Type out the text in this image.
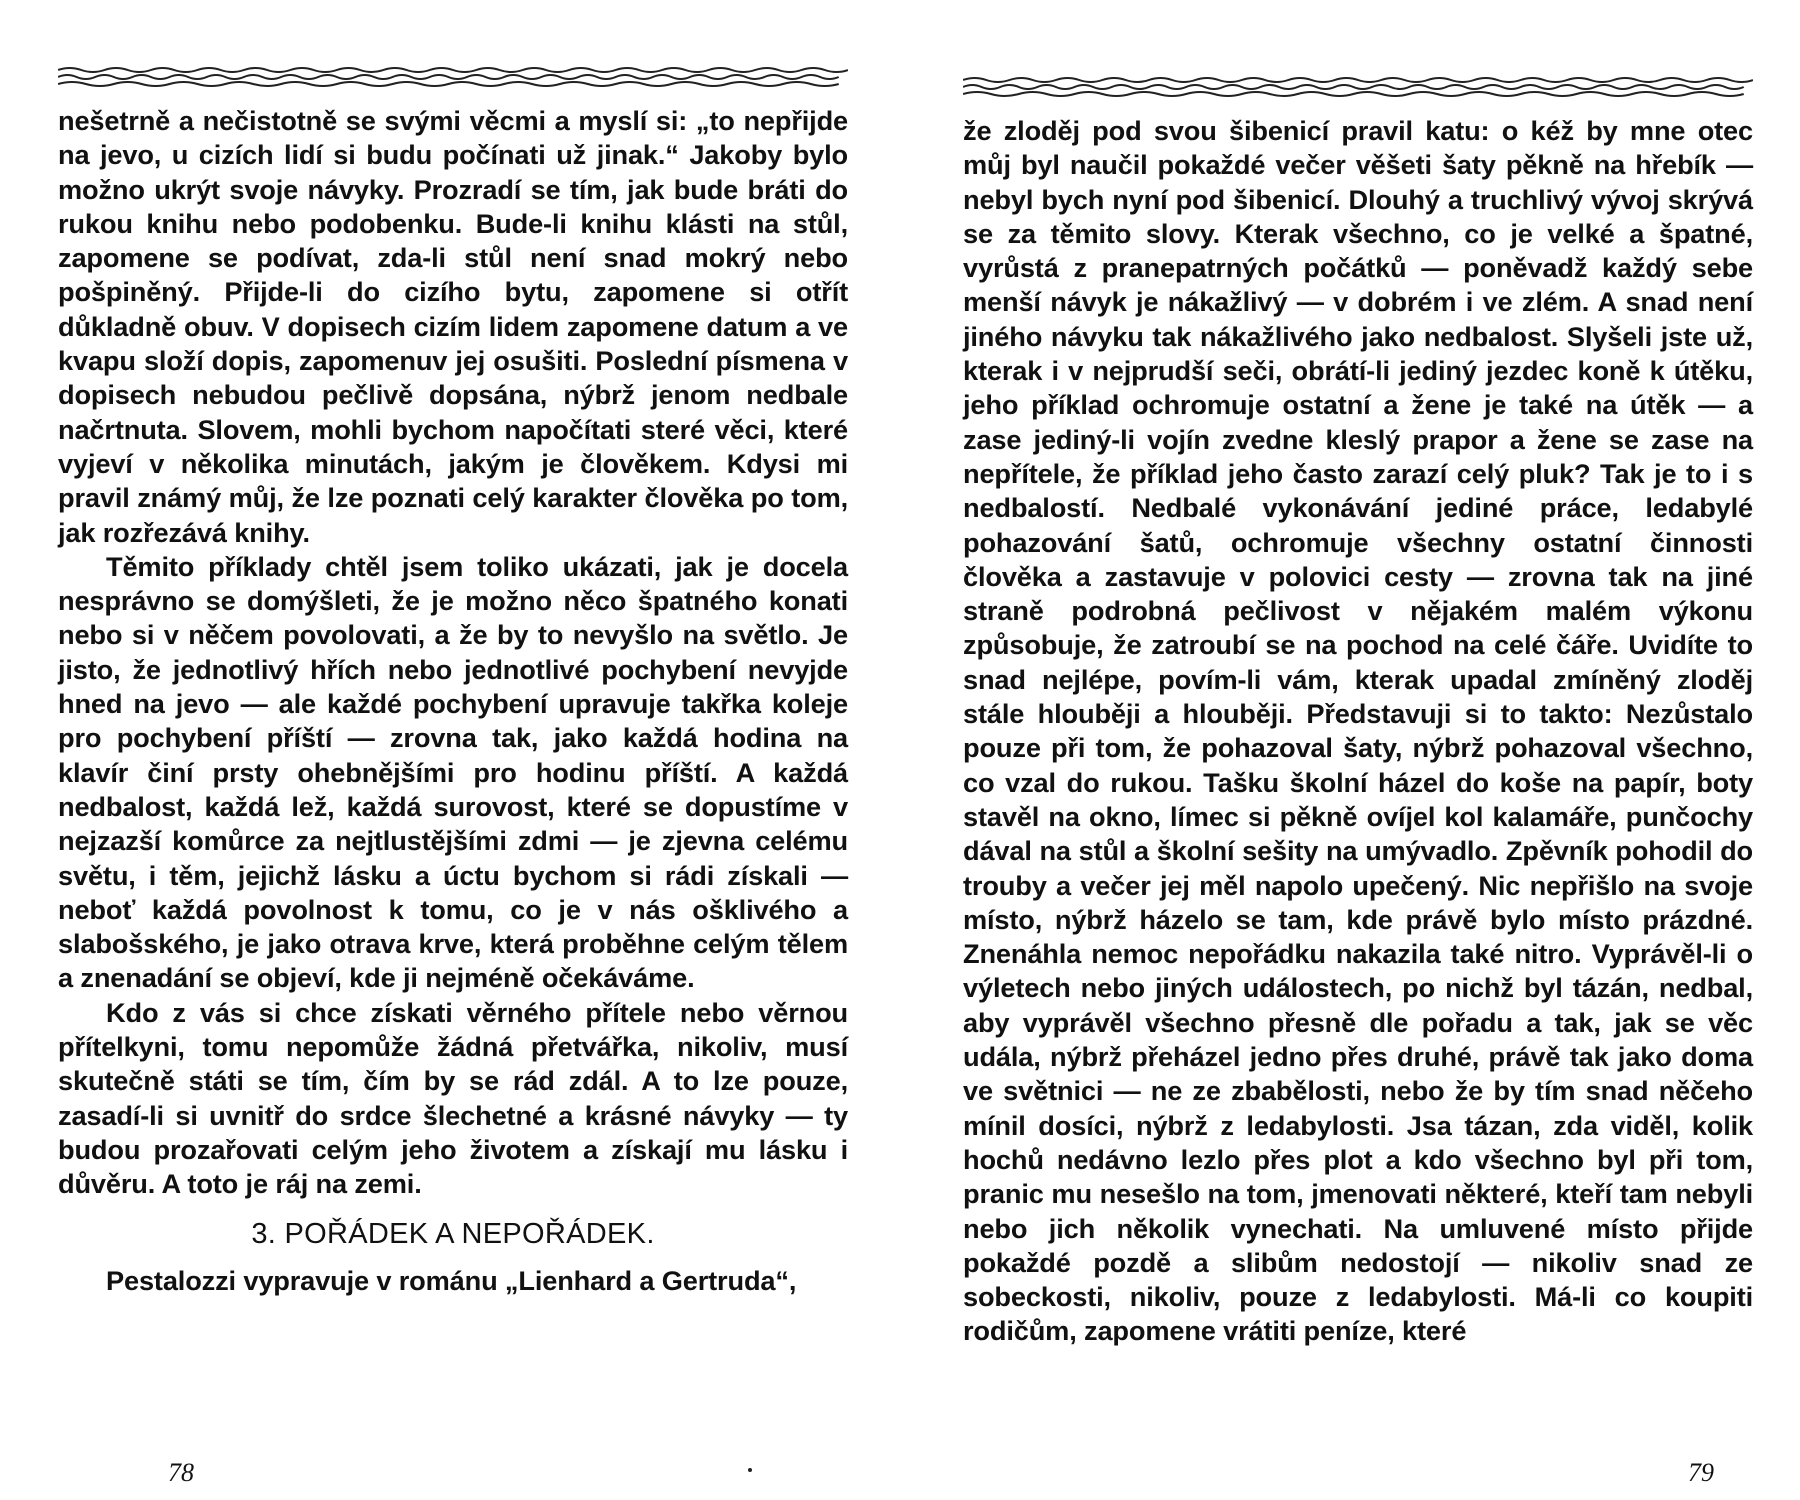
nešetrně a nečistotně se svými věcmi a myslí si: „to nepřijde na jevo, u cizích lidí si budu počínati už jinak.“ Jakoby bylo možno ukrýt svoje návyky. Prozradí se tím, jak bude bráti do rukou knihu nebo podobenku. Bude-li knihu klásti na stůl, zapomene se podívat, zda-li stůl není snad mokrý nebo pošpiněný. Přijde-li do cizího bytu, zapomene si otřít důkladně obuv. V dopisech cizím lidem zapomene datum a ve kvapu složí dopis, zapomenuv jej osušiti. Poslední písmena v dopisech nebudou pečlivě dopsána, nýbrž jenom nedbale načrtnuta. Slovem, mohli bychom napočítati steré věci, které vyjeví v několika minutách, jakým je člověkem. Kdysi mi pravil známý můj, že lze poznati celý karakter člověka po tom, jak rozřezává knihy.

Těmito příklady chtěl jsem toliko ukázati, jak je docela nesprávno se domýšleti, že je možno něco špatného konati nebo si v něčem povolovati, a že by to nevyšlo na světlo. Je jisto, že jednotlivý hřích nebo jednotlivé pochybení nevyjde hned na jevo — ale každé pochybení upravuje takřka koleje pro pochybení příští — zrovna tak, jako každá hodina na klavír činí prsty ohebnějšími pro hodinu příští. A každá nedbalost, každá lež, každá surovost, které se dopustíme v nejzazší komůrce za nejtlustějšími zdmi — je zjevna celému světu, i těm, jejichž lásku a úctu bychom si rádi získali — neboť každá povolnost k tomu, co je v nás ošklivého a slabošského, je jako otrava krve, která proběhne celým tělem a znenadání se objeví, kde ji nejméně očekáváme.

Kdo z vás si chce získati věrného přítele nebo věrnou přítelkyni, tomu nepomůže žádná přetvářka, nikoliv, musí skutečně státi se tím, čím by se rád zdál. A to lze pouze, zasadí-li si uvnitř do srdce šlechetné a krásné návyky — ty budou prozařovati celým jeho životem a získají mu lásku i důvěru. A toto je ráj na zemi.

3. POŘÁDEK A NEPOŘÁDEK.

Pestalozzi vypravuje v románu „Lienhard a Gertruda“,

78

že zloděj pod svou šibenicí pravil katu: o kéž by mne otec můj byl naučil pokaždé večer věšeti šaty pěkně na hřebík — nebyl bych nyní pod šibenicí. Dlouhý a truchlivý vývoj skrývá se za těmito slovy. Kterak všechno, co je velké a špatné, vyrůstá z pranepatrných počátků — poněvadž každý sebe menší návyk je nákažlivý — v dobrém i ve zlém. A snad není jiného návyku tak nákažlivého jako nedbalost. Slyšeli jste už, kterak i v nejprudší seči, obrátí-li jediný jezdec koně k útěku, jeho příklad ochromuje ostatní a žene je také na útěk — a zase jediný-li vojín zvedne kleslý prapor a žene se zase na nepřítele, že příklad jeho často zarazí celý pluk? Tak je to i s nedbalostí. Nedbalé vykonávání jediné práce, ledabylé pohazování šatů, ochromuje všechny ostatní činnosti člověka a zastavuje v polovici cesty — zrovna tak na jiné straně podrobná pečlivost v nějakém malém výkonu způsobuje, že zatroubí se na pochod na celé čáře. Uvidíte to snad nejlépe, povím-li vám, kterak upadal zmíněný zloděj stále hlouběji a hlouběji. Představuji si to takto: Nezůstalo pouze při tom, že pohazoval šaty, nýbrž pohazoval všechno, co vzal do rukou. Tašku školní házel do koše na papír, boty stavěl na okno, límec si pěkně ovíjel kol kalamáře, punčochy dával na stůl a školní sešity na umývadlo. Zpěvník pohodil do trouby a večer jej měl napolo upečený. Nic nepřišlo na svoje místo, nýbrž házelo se tam, kde právě bylo místo prázdné. Znenáhla nemoc nepořádku nakazila také nitro. Vyprávěl-li o výletech nebo jiných událostech, po nichž byl tázán, nedbal, aby vyprávěl všechno přesně dle pořadu a tak, jak se věc udála, nýbrž přeházel jedno přes druhé, právě tak jako doma ve světnici — ne ze zbabělosti, nebo že by tím snad něčeho mínil dosíci, nýbrž z ledabylosti. Jsa tázan, zda viděl, kolik hochů nedávno lezlo přes plot a kdo všechno byl při tom, pranic mu nesešlo na tom, jmenovati některé, kteří tam nebyli nebo jich několik vynechati. Na umluvené místo přijde pokaždé pozdě a slibům nedostojí — nikoliv snad ze sobeckosti, nikoliv, pouze z ledabylosti. Má-li co koupiti rodičům, zapomene vrátiti peníze, které

79
